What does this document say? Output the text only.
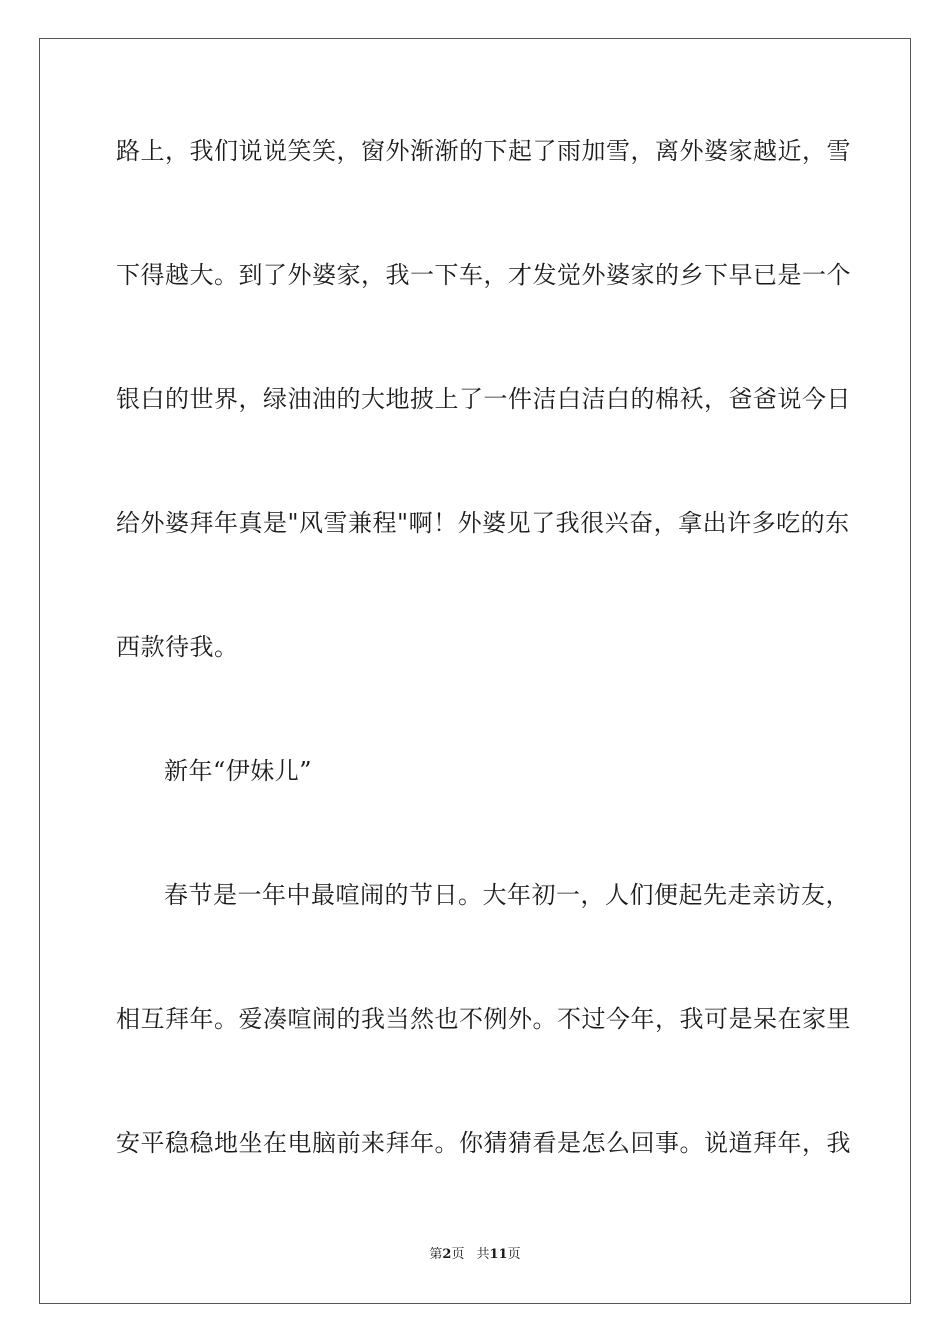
路上，我们说说笑笑，窗外渐渐的下起了雨加雪，离外婆家越近，雪
下得越大。到了外婆家，我一下车，才发觉外婆家的乡下早已是一个
银白的世界，绿油油的大地披上了一件洁白洁白的棉袄，爸爸说今日
给外婆拜年真是"风雪兼程"啊！外婆见了我很兴奋，拿出许多吃的东
西款待我。
新年“伊妹儿”
春节是一年中最喧闹的节日。大年初一，人们便起先走亲访友，
相互拜年。爱凑喧闹的我当然也不例外。不过今年，我可是呆在家里
安平稳稳地坐在电脑前来拜年。你猜猜看是怎么回事。说道拜年，我
第2页 共11页
